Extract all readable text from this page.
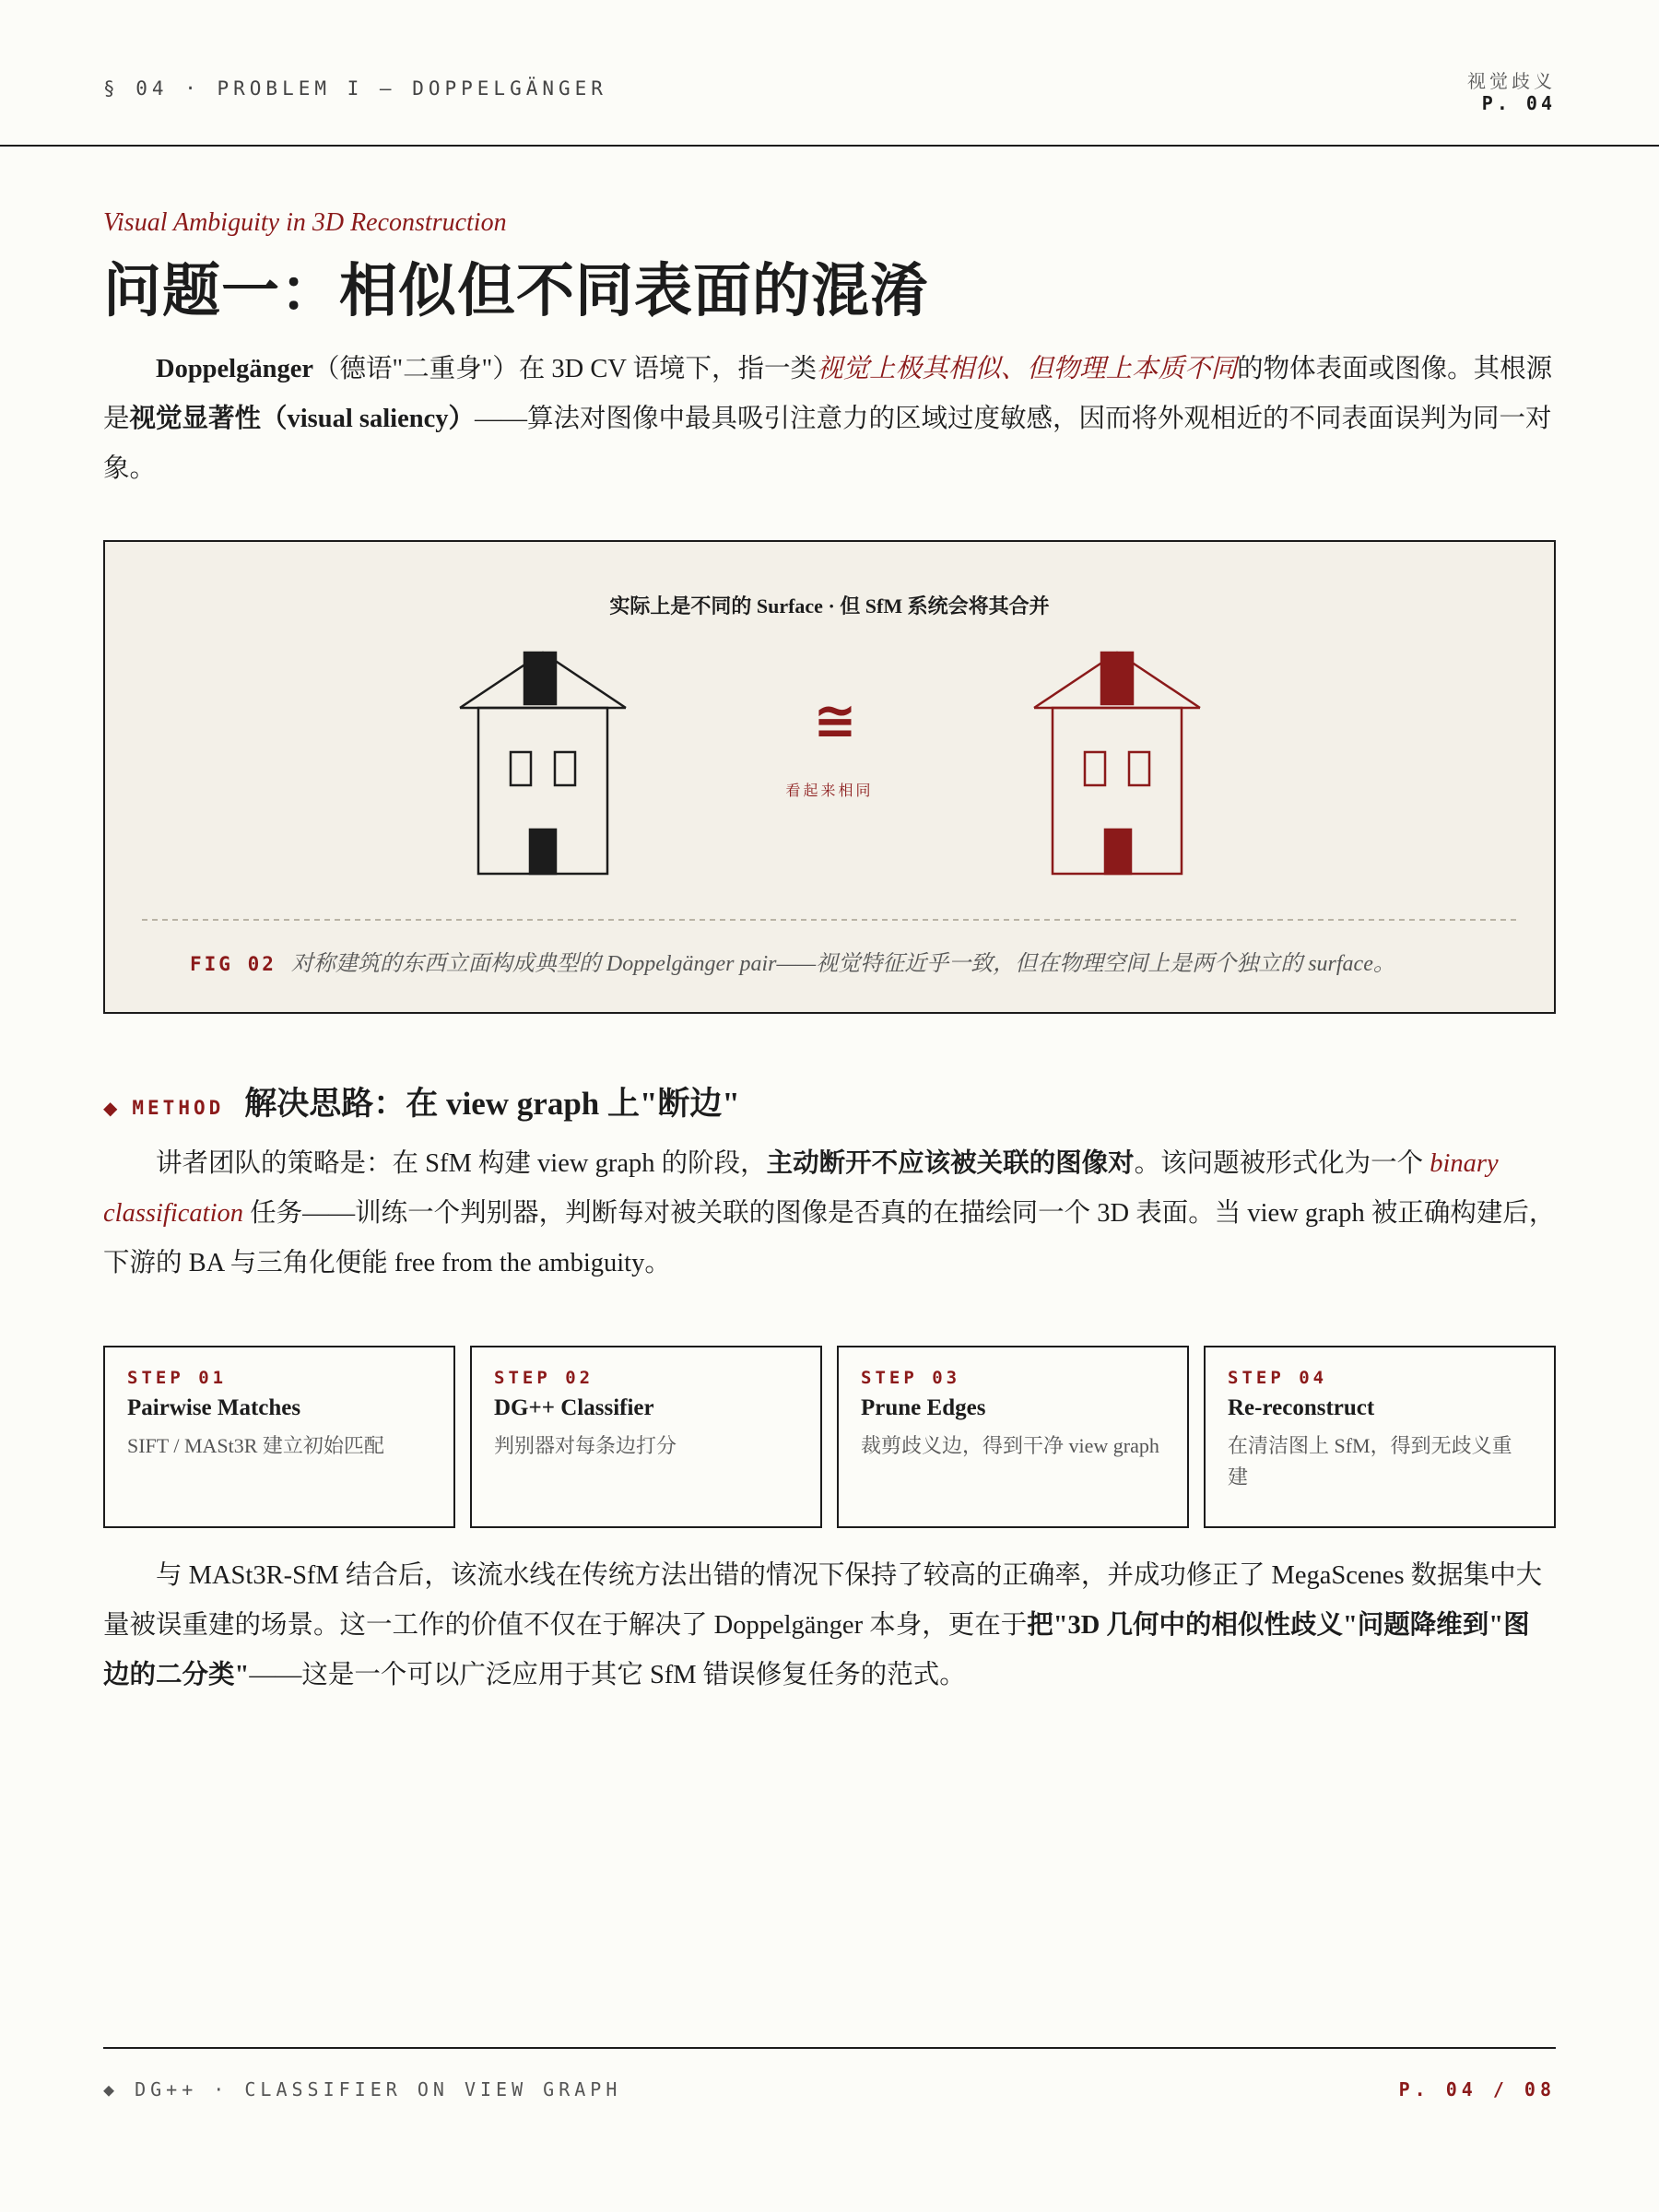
§ 04 · PROBLEM I — DOPPELGÄNGER	视觉歧义
P. 04
Visual Ambiguity in 3D Reconstruction
问题一：相似但不同表面的混淆

Doppelgänger（德语"二重身"）在 3D CV 语境下，指一类视觉上极其相似、但物理上本质不同的物体表面或图像。其根源是视觉显著性（visual saliency）——算法对图像中最具吸引注意力的区域过度敏感，因而将外观相近的不同表面误判为同一对象。

实际上是不同的 Surface · 但 SfM 系统会将其合并
≅
看起来相同
FIG 02 对称建筑的东西立面构成典型的 Doppelgänger pair——视觉特征近乎一致，但在物理空间上是两个独立的 surface。
◆ METHOD 解决思路：在 view graph 上"断边"

讲者团队的策略是：在 SfM 构建 view graph 的阶段，主动断开不应该被关联的图像对。该问题被形式化为一个 binary classification 任务——训练一个判别器，判断每对被关联的图像是否真的在描绘同一个 3D 表面。当 view graph 被正确构建后，下游的 BA 与三角化便能 free from the ambiguity。

STEP 01
Pairwise Matches
SIFT / MASt3R 建立初始匹配
STEP 02
DG++ Classifier
判别器对每条边打分
STEP 03
Prune Edges
裁剪歧义边，得到干净 view graph
STEP 04
Re-reconstruct
在清洁图上 SfM，得到无歧义重建

与 MASt3R-SfM 结合后，该流水线在传统方法出错的情况下保持了较高的正确率，并成功修正了 MegaScenes 数据集中大量被误重建的场景。这一工作的价值不仅在于解决了 Doppelgänger 本身，更在于把"3D 几何中的相似性歧义"问题降维到"图边的二分类"——这是一个可以广泛应用于其它 SfM 错误修复任务的范式。

◆ DG++ · CLASSIFIER ON VIEW GRAPH	P. 04 / 08
